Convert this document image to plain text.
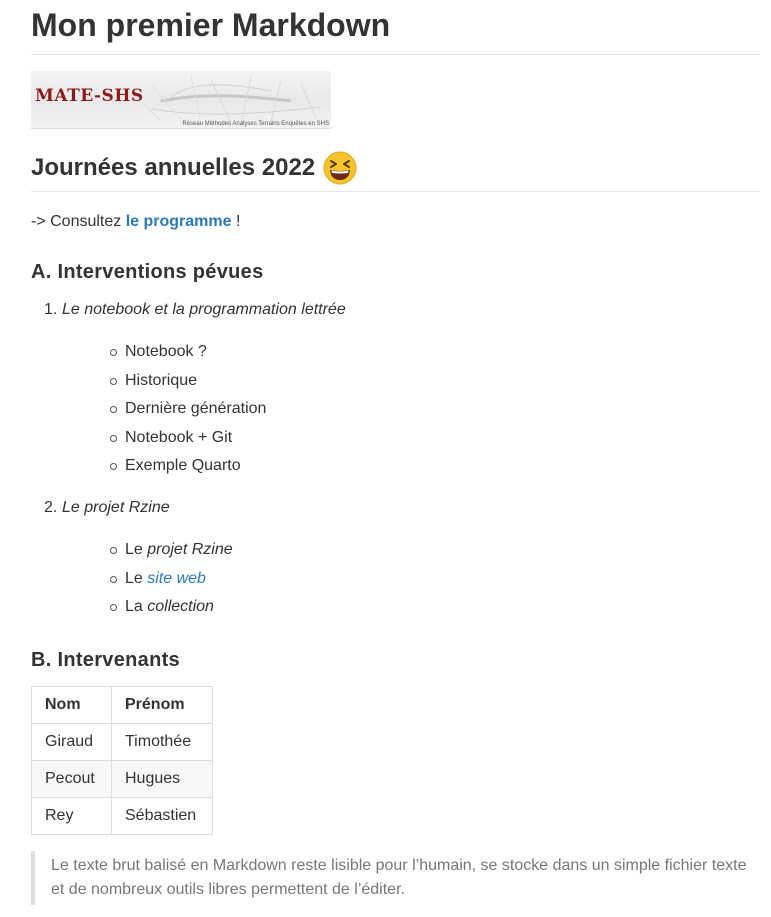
Mon premier Markdown
MATE-SHS
Réseau Méthodes Analyses Terrains Enquêtes en SHS
Journées annuelles 2022

-> Consultez le programme !

A. Interventions pévues
1. Le notebook et la programmation lettrée
Notebook ?
Historique
Dernière génération
Notebook + Git
Exemple Quarto
2. Le projet Rzine
Le projet Rzine
Le site web
La collection
B. Intervenants
Nom	Prénom
Giraud	Timothée
Pecout	Hugues
Rey	Sébastien
Le texte brut balisé en Markdown reste lisible pour l’humain, se stocke dans un simple fichier texte et de nombreux outils libres permettent de l’éditer.
